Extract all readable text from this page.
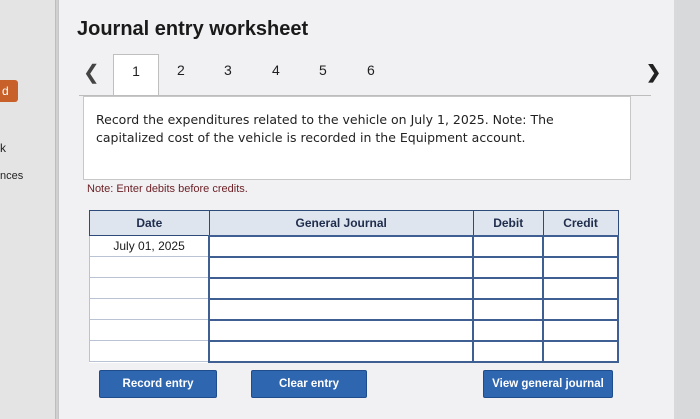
d
k
nces
Journal entry worksheet
❮	1	2	3	4	5	6	❯
Record the expenditures related to the vehicle on July 1, 2025. Note: The capitalized cost of the vehicle is recorded in the Equipment account.
Note: Enter debits before credits.
Date	General Journal	Debit	Credit
July 01, 2025			

Record entry	Clear entry	View general journal
